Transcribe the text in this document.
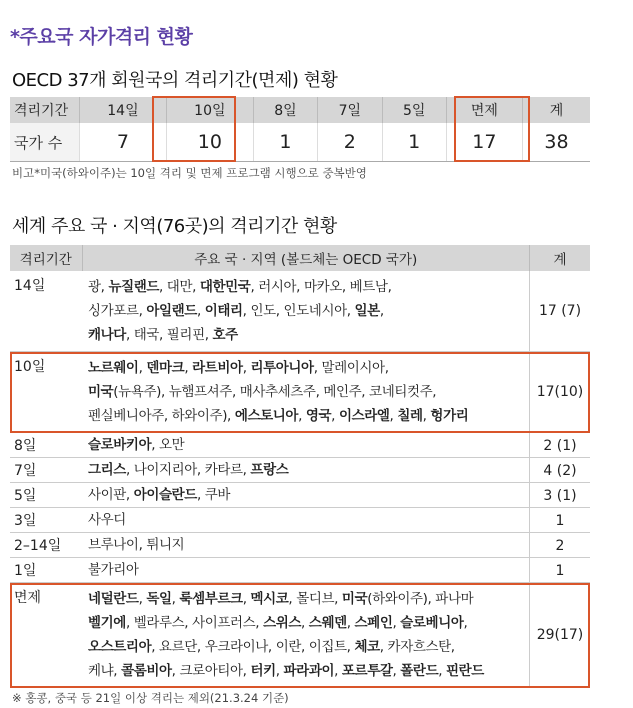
*주요국 자가격리 현황
OECD 37개 회원국의 격리기간(면제) 현황
격리기간	14일	10일	8일	7일	5일	면제	계
국가 수	7	10	1	2	1	17	38
비고*미국(하와이주)는 10일 격리 및 면제 프로그램 시행으로 중복반영
세계 주요 국 · 지역(76곳)의 격리기간 현황
격리기간	주요 국 · 지역 (볼드체는 OECD 국가)	계
14일	광, 뉴질랜드, 대만, 대한민국, 러시아, 마카오, 베트남,
싱가포르, 아일랜드, 이태리, 인도, 인도네시아, 일본,
캐나다, 태국, 필리핀, 호주	17 (7)
10일	노르웨이, 덴마크, 라트비아, 리투아니아, 말레이시아,
미국(뉴욕주), 뉴햄프셔주, 매사추세츠주, 메인주, 코네티컷주,
펜실베니아주, 하와이주), 에스토니아, 영국, 이스라엘, 칠레, 헝가리	17(10)
8일	슬로바키아, 오만	2 (1)
7일	그리스, 나이지리아, 카타르, 프랑스	4 (2)
5일	사이판, 아이슬란드, 쿠바	3 (1)
3일	사우디	1
2–14일	브루나이, 튀니지	2
1일	불가리아	1
면제	네덜란드, 독일, 룩셈부르크, 멕시코, 몰디브, 미국(하와이주), 파나마
벨기에, 벨라루스, 사이프러스, 스위스, 스웨덴, 스페인, 슬로베니아,
오스트리아, 요르단, 우크라이나, 이란, 이집트, 체코, 카자흐스탄,
케냐, 콜롬비아, 크로아티아, 터키, 파라과이, 포르투갈, 폴란드, 핀란드	29(17)
※ 홍콩, 중국 등 21일 이상 격리는 제외(21.3.24 기준)
